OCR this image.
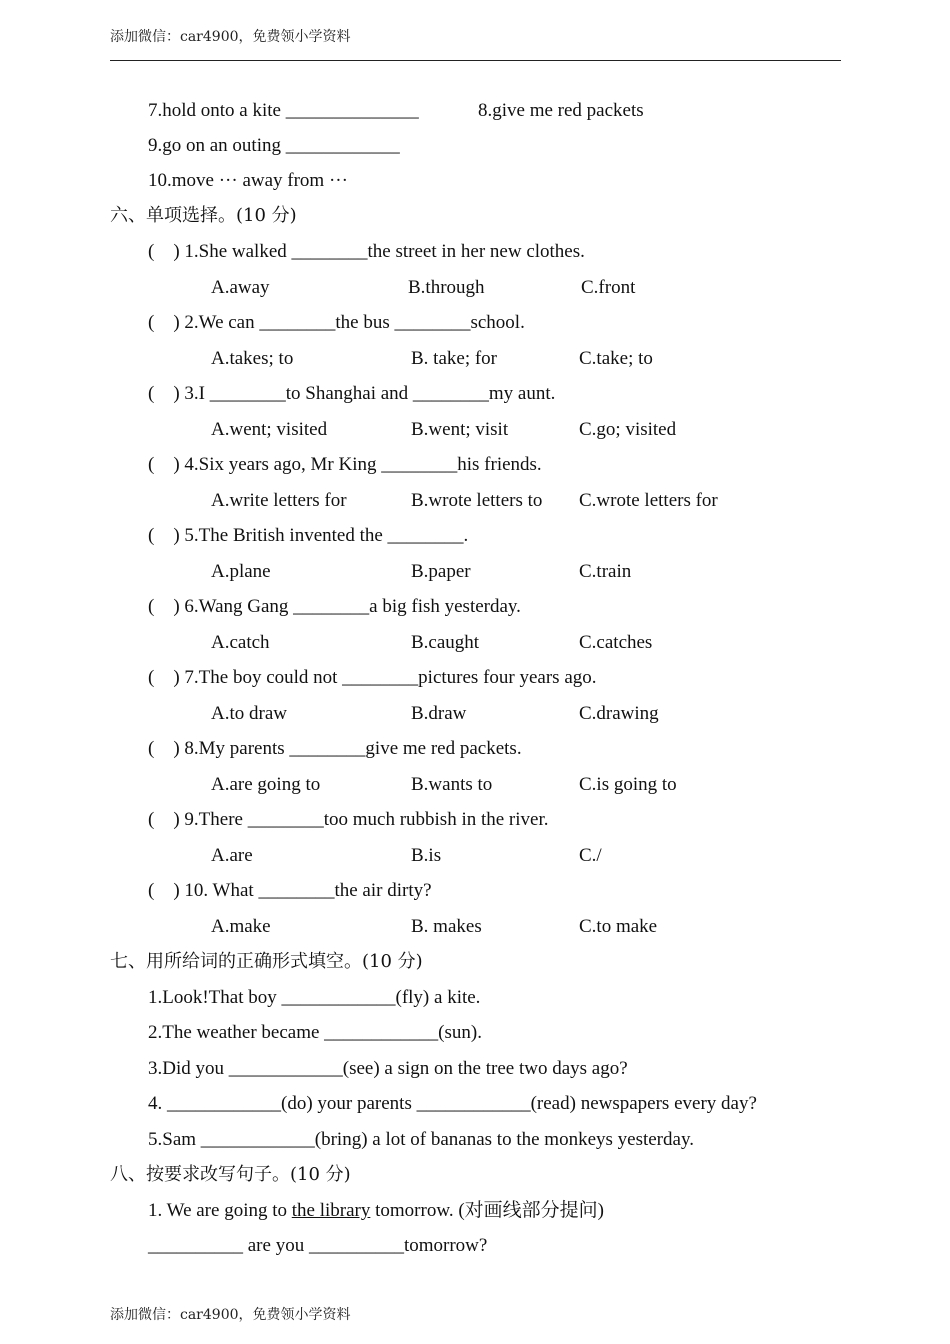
添加微信：car4900，免费领小学资料
7.hold onto a kite ______________	8.give me red packets
9.go on an outing ____________
10.move ··· away from ···
六、单项选择。(10 分)
(    ) 1.She walked ________the street in her new clothes.
A.away	B.through	C.front
(    ) 2.We can ________the bus ________school.
A.takes; to	B. take; for	C.take; to
(    ) 3.I ________to Shanghai and ________my aunt.
A.went; visited	B.went; visit	C.go; visited
(    ) 4.Six years ago, Mr King ________his friends.
A.write letters for	B.wrote letters to C.wrote letters for
(    ) 5.The British invented the ________.
A.plane	B.paper	C.train
(    ) 6.Wang Gang ________a big fish yesterday.
A.catch	B.caught	C.catches
(    ) 7.The boy could not ________pictures four years ago.
A.to draw	B.draw	C.drawing
(    ) 8.My parents ________give me red packets.
A.are going to	B.wants to	C.is going to
(    ) 9.There ________too much rubbish in the river.
A.are	B.is	C./
(    ) 10. What ________the air dirty?
A.make	B. makes	C.to make
七、用所给词的正确形式填空。(10 分)
1.Look!That boy ____________(fly) a kite.
2.The weather became ____________(sun).
3.Did you ____________(see) a sign on the tree two days ago?
4. ____________(do) your parents ____________(read) newspapers every day?
5.Sam ____________(bring) a lot of bananas to the monkeys yesterday.
八、按要求改写句子。(10 分)
1. We are going to the library tomorrow. (对画线部分提问)
__________ are you __________tomorrow?
添加微信：car4900，免费领小学资料
